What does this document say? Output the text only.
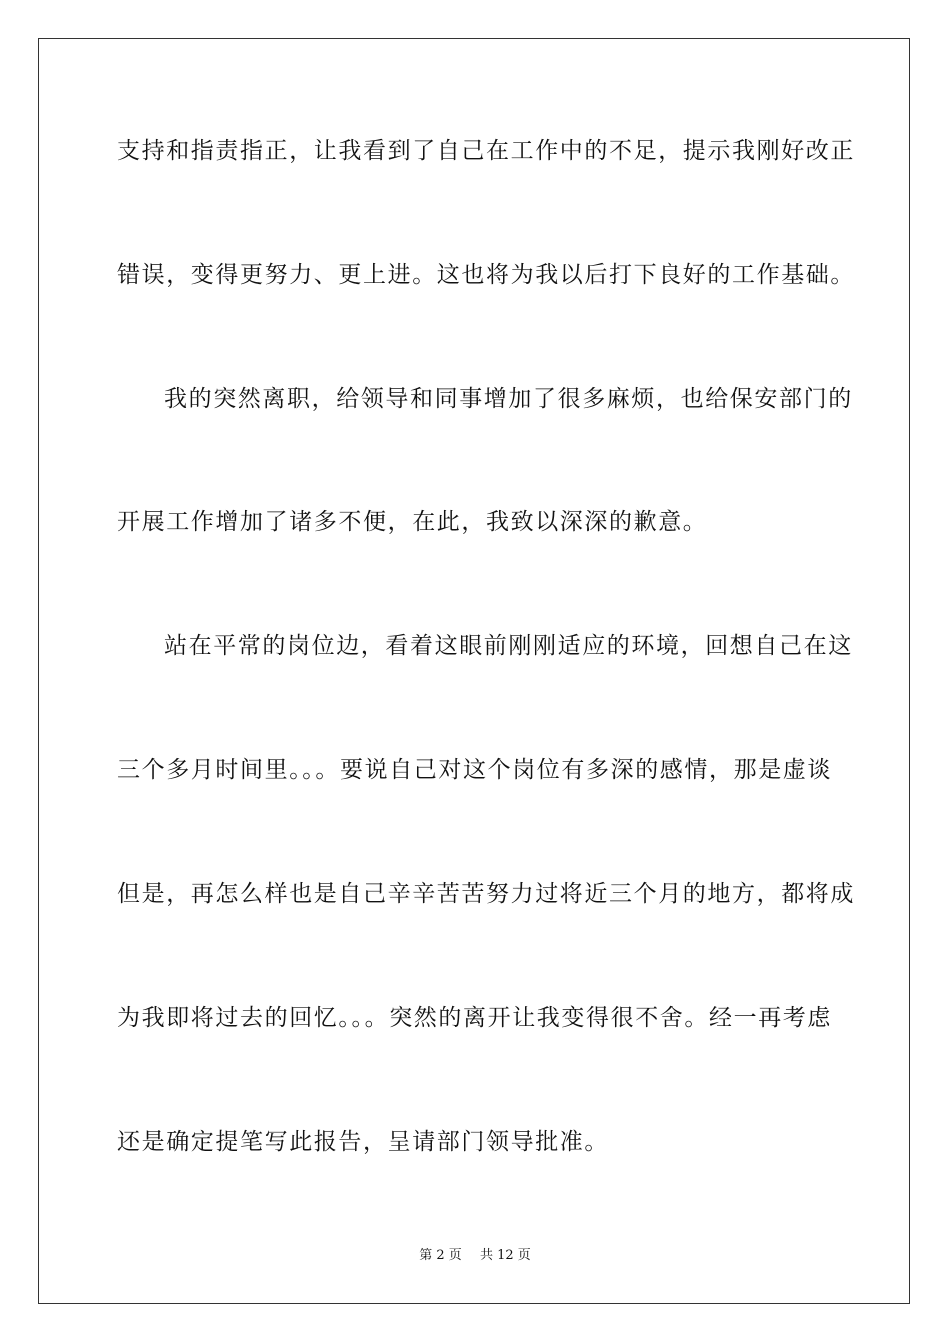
支持和指责指正，让我看到了自己在工作中的不足，提示我刚好改正
错误，变得更努力、更上进。这也将为我以后打下良好的工作基础。
我的突然离职，给领导和同事增加了很多麻烦，也给保安部门的
开展工作增加了诸多不便，在此，我致以深深的歉意。
站在平常的岗位边，看着这眼前刚刚适应的环境，回想自己在这
三个多月时间里。。。要说自己对这个岗位有多深的感情，那是虚谈
但是，再怎么样也是自己辛辛苦苦努力过将近三个月的地方，都将成
为我即将过去的回忆。。。突然的离开让我变得很不舍。经一再考虑
还是确定提笔写此报告，呈请部门领导批准。
第 2 页 共 12 页
